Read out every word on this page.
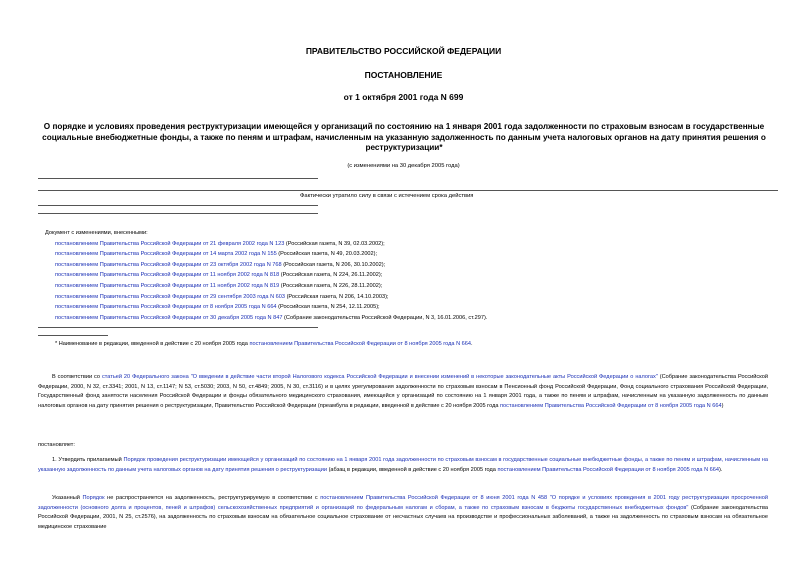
ПРАВИТЕЛЬСТВО РОССИЙСКОЙ ФЕДЕРАЦИИ
ПОСТАНОВЛЕНИЕ
от 1 октября 2001 года N 699
О порядке и условиях проведения реструктуризации имеющейся у организаций по состоянию на 1 января 2001 года задолженности по страховым взносам в государственные социальные внебюджетные фонды, а также по пеням и штрафам, начисленным на указанную задолженность по данным учета налоговых органов на дату принятия решения о реструктуризации*
(с изменениями на 30 декабря 2005 года)
Фактически утратило силу в связи с истечением срока действия
Документ с изменениями, внесенными:
постановлением Правительства Российской Федерации от 21 февраля 2002 года N 123 (Российская газета, N 39, 02.03.2002);
постановлением Правительства Российской Федерации от 14 марта 2002 года N 155 (Российская газета, N 49, 20.03.2002);
постановлением Правительства Российской Федерации от 23 октября 2002 года N 768 (Российская газета, N 206, 30.10.2002);
постановлением Правительства Российской Федерации от 11 ноября 2002 года N 818 (Российская газета, N 224, 26.11.2002);
постановлением Правительства Российской Федерации от 11 ноября 2002 года N 819 (Российская газета, N 226, 28.11.2002);
постановлением Правительства Российской Федерации от 29 сентября 2003 года N 603 (Российская газета, N 206, 14.10.2003);
постановлением Правительства Российской Федерации от 8 ноября 2005 года N 664 (Российская газета, N 254, 12.11.2005);
постановлением Правительства Российской Федерации от 30 декабря 2005 года N 847 (Собрание законодательства Российской Федерации, N 3, 16.01.2006, ст.297).
* Наименование в редакции, введенной в действие с 20 ноября 2005 года постановлением Правительства Российской Федерации от 8 ноября 2005 года N 664.
В соответствии со статьей 20 Федерального закона "О введении в действие части второй Налогового кодекса Российской Федерации и внесении изменений в некоторые законодательные акты Российской Федерации о налогах" (Собрание законодательства Российской Федерации, 2000, N 32, ст.3341; 2001, N 13, ст.1147; N 53, ст.5030; 2003, N 50, ст.4849; 2005, N 30, ст.3116) и в целях урегулирования задолженности по страховым взносам в Пенсионный фонд Российской Федерации, Фонд социального страхования Российской Федерации, Государственный фонд занятости населения Российской Федерации и фонды обязательного медицинского страхования, имеющейся у организаций по состоянию на 1 января 2001 года, а также по пеням и штрафам, начисленным на указанную задолженность по данным налоговых органов на дату принятия решения о реструктуризации, Правительство Российской Федерации (преамбула в редакции, введенной в действие с 20 ноября 2005 года постановлением Правительства Российской Федерации от 8 ноября 2005 года N 664)
постановляет:
1. Утвердить прилагаемый Порядок проведения реструктуризации имеющейся у организаций по состоянию на 1 января 2001 года задолженности по страховым взносам в государственные социальные внебюджетные фонды, а также по пеням и штрафам, начисленным на указанную задолженность по данным учета налоговых органов на дату принятия решения о реструктуризации (абзац в редакции, введенной в действие с 20 ноября 2005 года постановлением Правительства Российской Федерации от 8 ноября 2005 года N 664).
Указанный Порядок не распространяется на задолженность, реструктурируемую в соответствии с постановлением Правительства Российской Федерации от 8 июня 2001 года N 458 "О порядке и условиях проведения в 2001 году реструктуризации просроченной задолженности (основного долга и процентов, пеней и штрафов) сельскохозяйственных предприятий и организаций по федеральным налогам и сборам, а также по страховым взносам в бюджеты государственных внебюджетных фондов" (Собрание законодательства Российской Федерации, 2001, N 25, ст.2576), на задолженность по страховым взносам на обязательное социальное страхование от несчастных случаев на производстве и профессиональных заболеваний, а также на задолженность по страховым взносам на обязательное медицинское страхование
